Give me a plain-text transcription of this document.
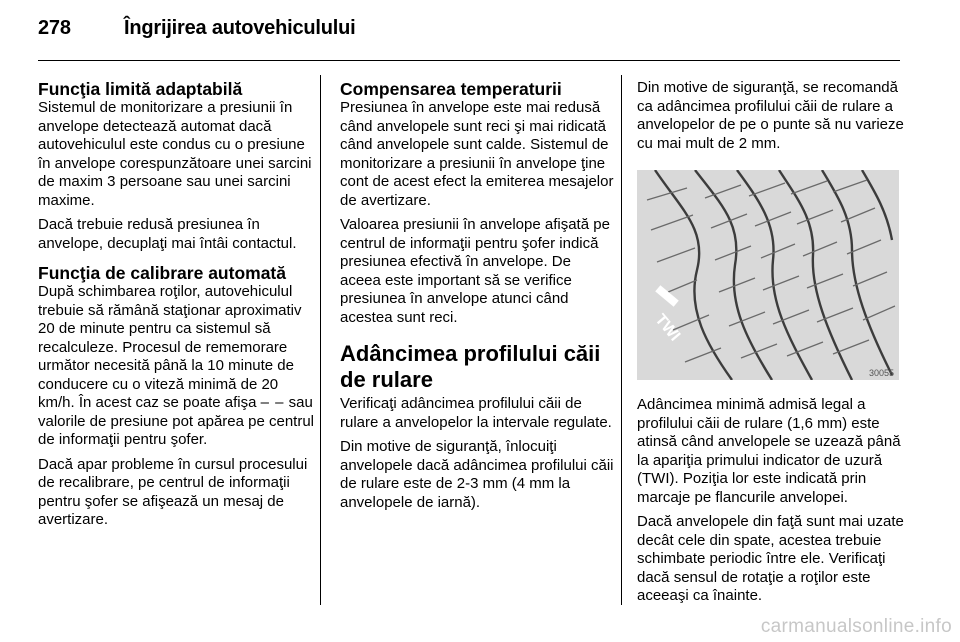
278	Îngrijirea autovehiculului
Funcţia limită adaptabilă

Sistemul de monitorizare a presiunii în anvelope detectează automat dacă autovehiculul este condus cu o presiune în anvelope corespunzătoare unei sarcini de maxim 3 persoane sau unei sarcini maxime.

Dacă trebuie redusă presiunea în anvelope, decuplaţi mai întâi contactul.

Funcţia de calibrare automată

După schimbarea roţilor, autovehiculul trebuie să rămână staţionar aproximativ 20 de minute pentru ca sistemul să recalculeze. Procesul de rememorare următor necesită până la 10 minute de conducere cu o viteză minimă de 20 km/h. În acest caz se poate afişa – – sau valorile de presiune pot apărea pe centrul de informaţii pentru şofer.

Dacă apar probleme în cursul procesului de recalibrare, pe centrul de informaţii pentru şofer se afişează un mesaj de avertizare.

Compensarea temperaturii

Presiunea în anvelope este mai redusă când anvelopele sunt reci şi mai ridicată când anvelopele sunt calde. Sistemul de monitorizare a presiunii în anvelope ţine cont de acest efect la emiterea mesajelor de avertizare.

Valoarea presiunii în anvelope afişată pe centrul de informaţii pentru şofer indică presiunea efectivă în anvelope. De aceea este important să se verifice presiunea în anvelope atunci când acestea sunt reci.

Adâncimea profilului căii de rulare

Verificaţi adâncimea profilului căii de rulare a anvelopelor la intervale regulate.

Din motive de siguranţă, înlocuiţi anvelopele dacă adâncimea profilului căii de rulare este de 2-3 mm (4 mm la anvelopele de iarnă).

Din motive de siguranţă, se recomandă ca adâncimea profilului căii de rulare a anvelopelor de pe o punte să nu varieze cu mai mult de 2 mm.

TWI
30055

Adâncimea minimă admisă legal a profilului căii de rulare (1,6 mm) este atinsă când anvelopele se uzează până la apariţia primului indicator de uzură (TWI). Poziţia lor este indicată prin marcaje pe flancurile anvelopei.

Dacă anvelopele din faţă sunt mai uzate decât cele din spate, acestea trebuie schimbate periodic între ele. Verificaţi dacă sensul de rotaţie a roţilor este aceeaşi ca înainte.

carmanualsonline.info
